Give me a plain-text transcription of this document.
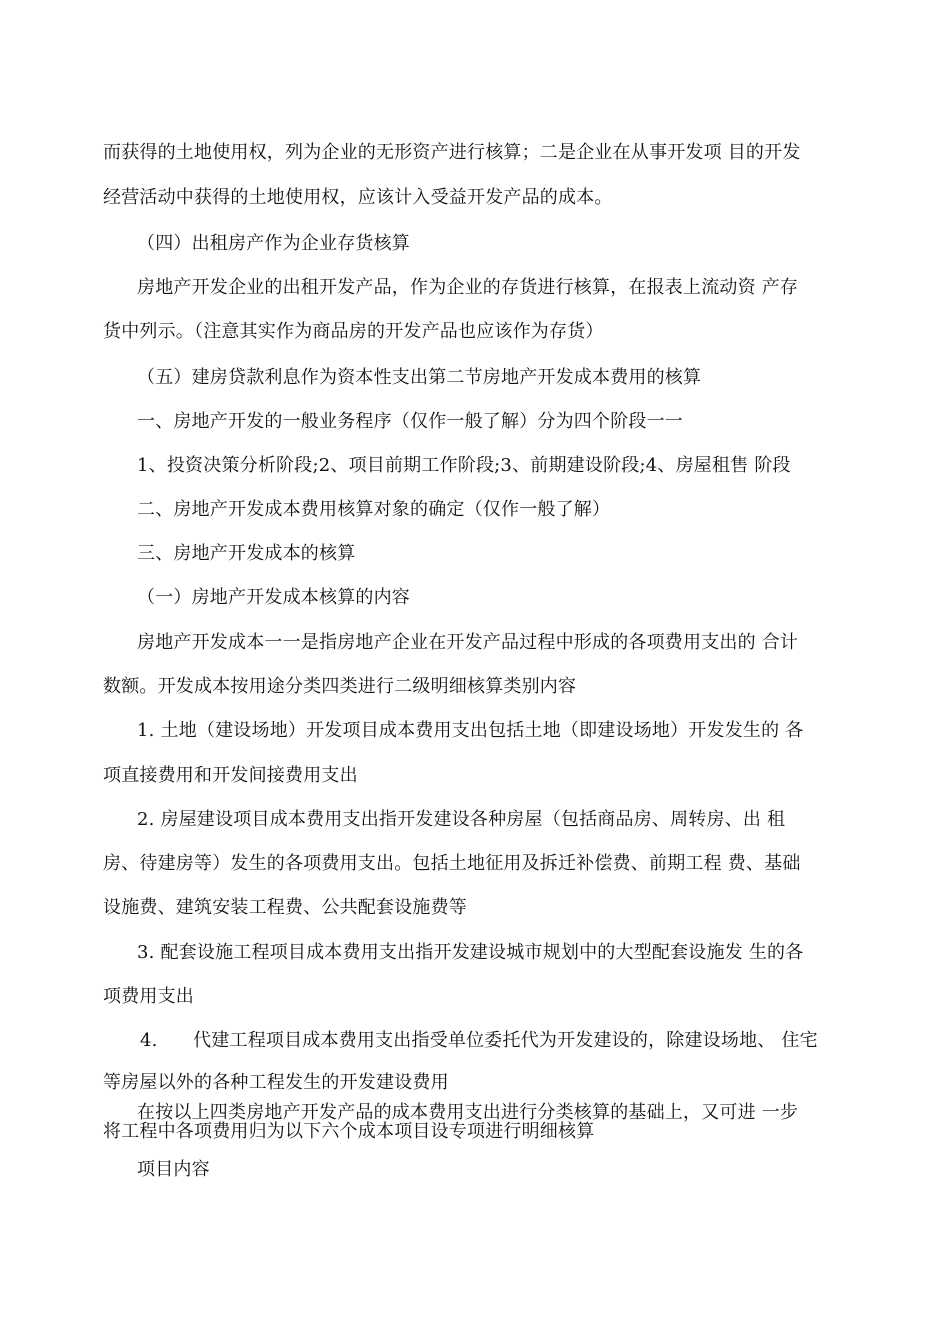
而获得的土地使用权，列为企业的无形资产进行核算；二是企业在从事开发项 目的开发
经营活动中获得的土地使用权，应该计入受益开发产品的成本。
（四）出租房产作为企业存货核算
房地产开发企业的出租开发产品，作为企业的存货进行核算，在报表上流动资 产存
货中列示。（注意其实作为商品房的开发产品也应该作为存货）
（五）建房贷款利息作为资本性支出第二节房地产开发成本费用的核算
一、房地产开发的一般业务程序（仅作一般了解）分为四个阶段一一
1、投资决策分析阶段;2、项目前期工作阶段;3、前期建设阶段;4、房屋租售 阶段
二、房地产开发成本费用核算对象的确定（仅作一般了解）
三、房地产开发成本的核算
（一）房地产开发成本核算的内容
房地产开发成本一一是指房地产企业在开发产品过程中形成的各项费用支出的 合计
数额。开发成本按用途分类四类进行二级明细核算类别内容
1. 土地（建设场地）开发项目成本费用支出包括土地（即建设场地）开发发生的 各
项直接费用和开发间接费用支出
2. 房屋建设项目成本费用支出指开发建设各种房屋（包括商品房、周转房、出 租
房、待建房等）发生的各项费用支出。包括土地征用及拆迁补偿费、前期工程 费、基础
设施费、建筑安装工程费、公共配套设施费等
3. 配套设施工程项目成本费用支出指开发建设城市规划中的大型配套设施发 生的各
项费用支出
4.      代建工程项目成本费用支出指受单位委托代为开发建设的，除建设场地、 住宅
等房屋以外的各种工程发生的开发建设费用
在按以上四类房地产开发产品的成本费用支出进行分类核算的基础上，又可进 一步
将工程中各项费用归为以下六个成本项目设专项进行明细核算
项目内容
